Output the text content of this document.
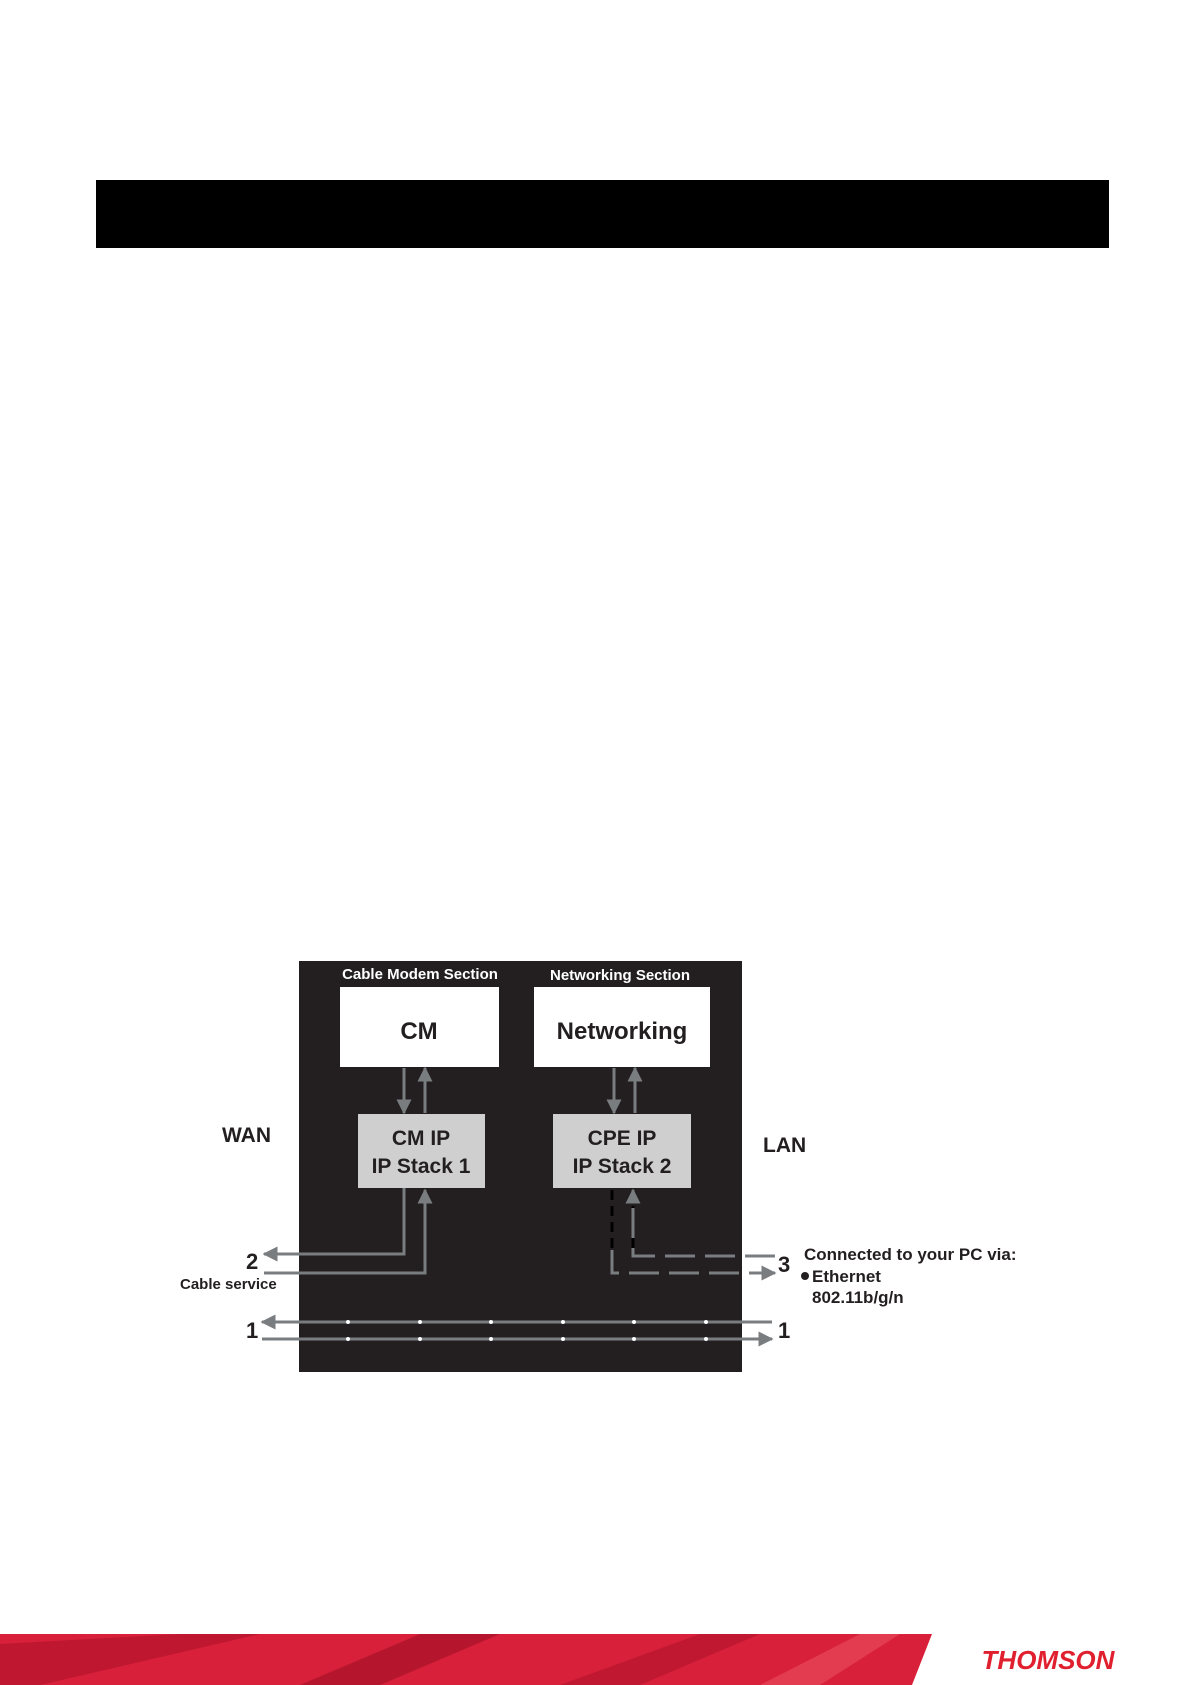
Cable Modem Section	Networking Section
CM	Networking
CM IP
IP Stack 1
CPE IP
IP Stack 2
WAN	LAN
2
Cable service
3 Connected to your PC via:
Ethernet
802.11b/g/n
1	1
THOMSON
